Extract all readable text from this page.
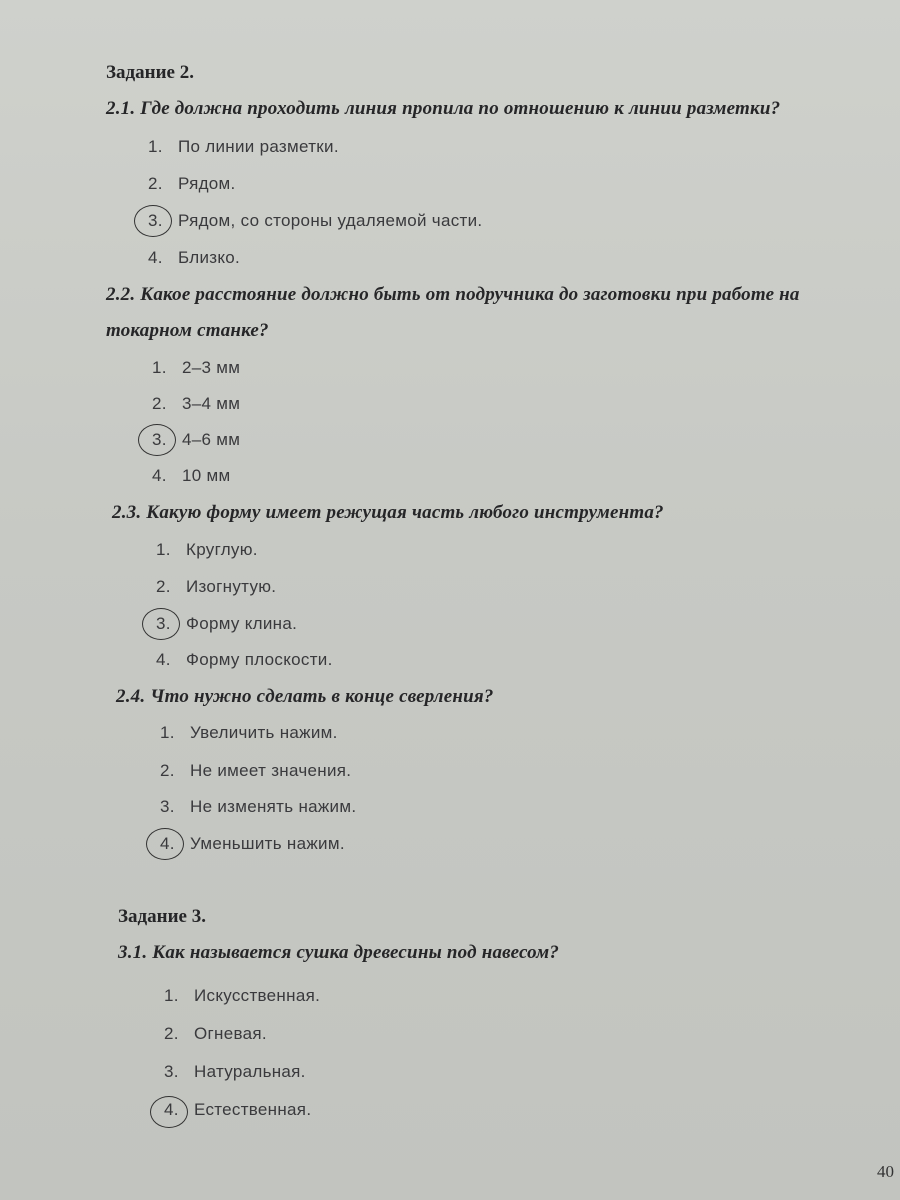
Задание 2.
2.1. Где должна проходить линия пропила по отношению к линии разметки?
1. По линии разметки.
2. Рядом.
3. Рядом, со стороны удаляемой части.
4. Близко.
2.2. Какое расстояние должно быть от подручника до заготовки при работе на
токарном станке?
1. 2–3 мм
2. 3–4 мм
3. 4–6 мм
4. 10 мм
2.3. Какую форму имеет режущая часть любого инструмента?
1. Круглую.
2. Изогнутую.
3. Форму клина.
4. Форму плоскости.
2.4. Что нужно сделать в конце сверления?
1. Увеличить нажим.
2. Не имеет значения.
3. Не изменять нажим.
4. Уменьшить нажим.
Задание 3.
3.1. Как называется сушка древесины под навесом?
1. Искусственная.
2. Огневая.
3. Натуральная.
4. Естественная.
40
